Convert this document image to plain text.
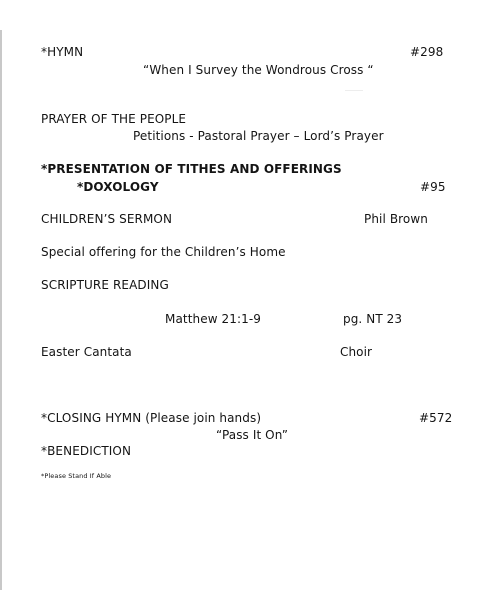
*HYMN	#298
“When I Survey the Wondrous Cross “
PRAYER OF THE PEOPLE
Petitions - Pastoral Prayer – Lord’s Prayer
*PRESENTATION OF TITHES AND OFFERINGS
*DOXOLOGY	#95
CHILDREN’S SERMON	Phil Brown
Special offering for the Children’s Home
SCRIPTURE READING
Matthew 21:1-9	pg. NT 23
Easter Cantata	Choir
*CLOSING HYMN (Please join hands)	#572
“Pass It On”
*BENEDICTION
*Please Stand If Able
